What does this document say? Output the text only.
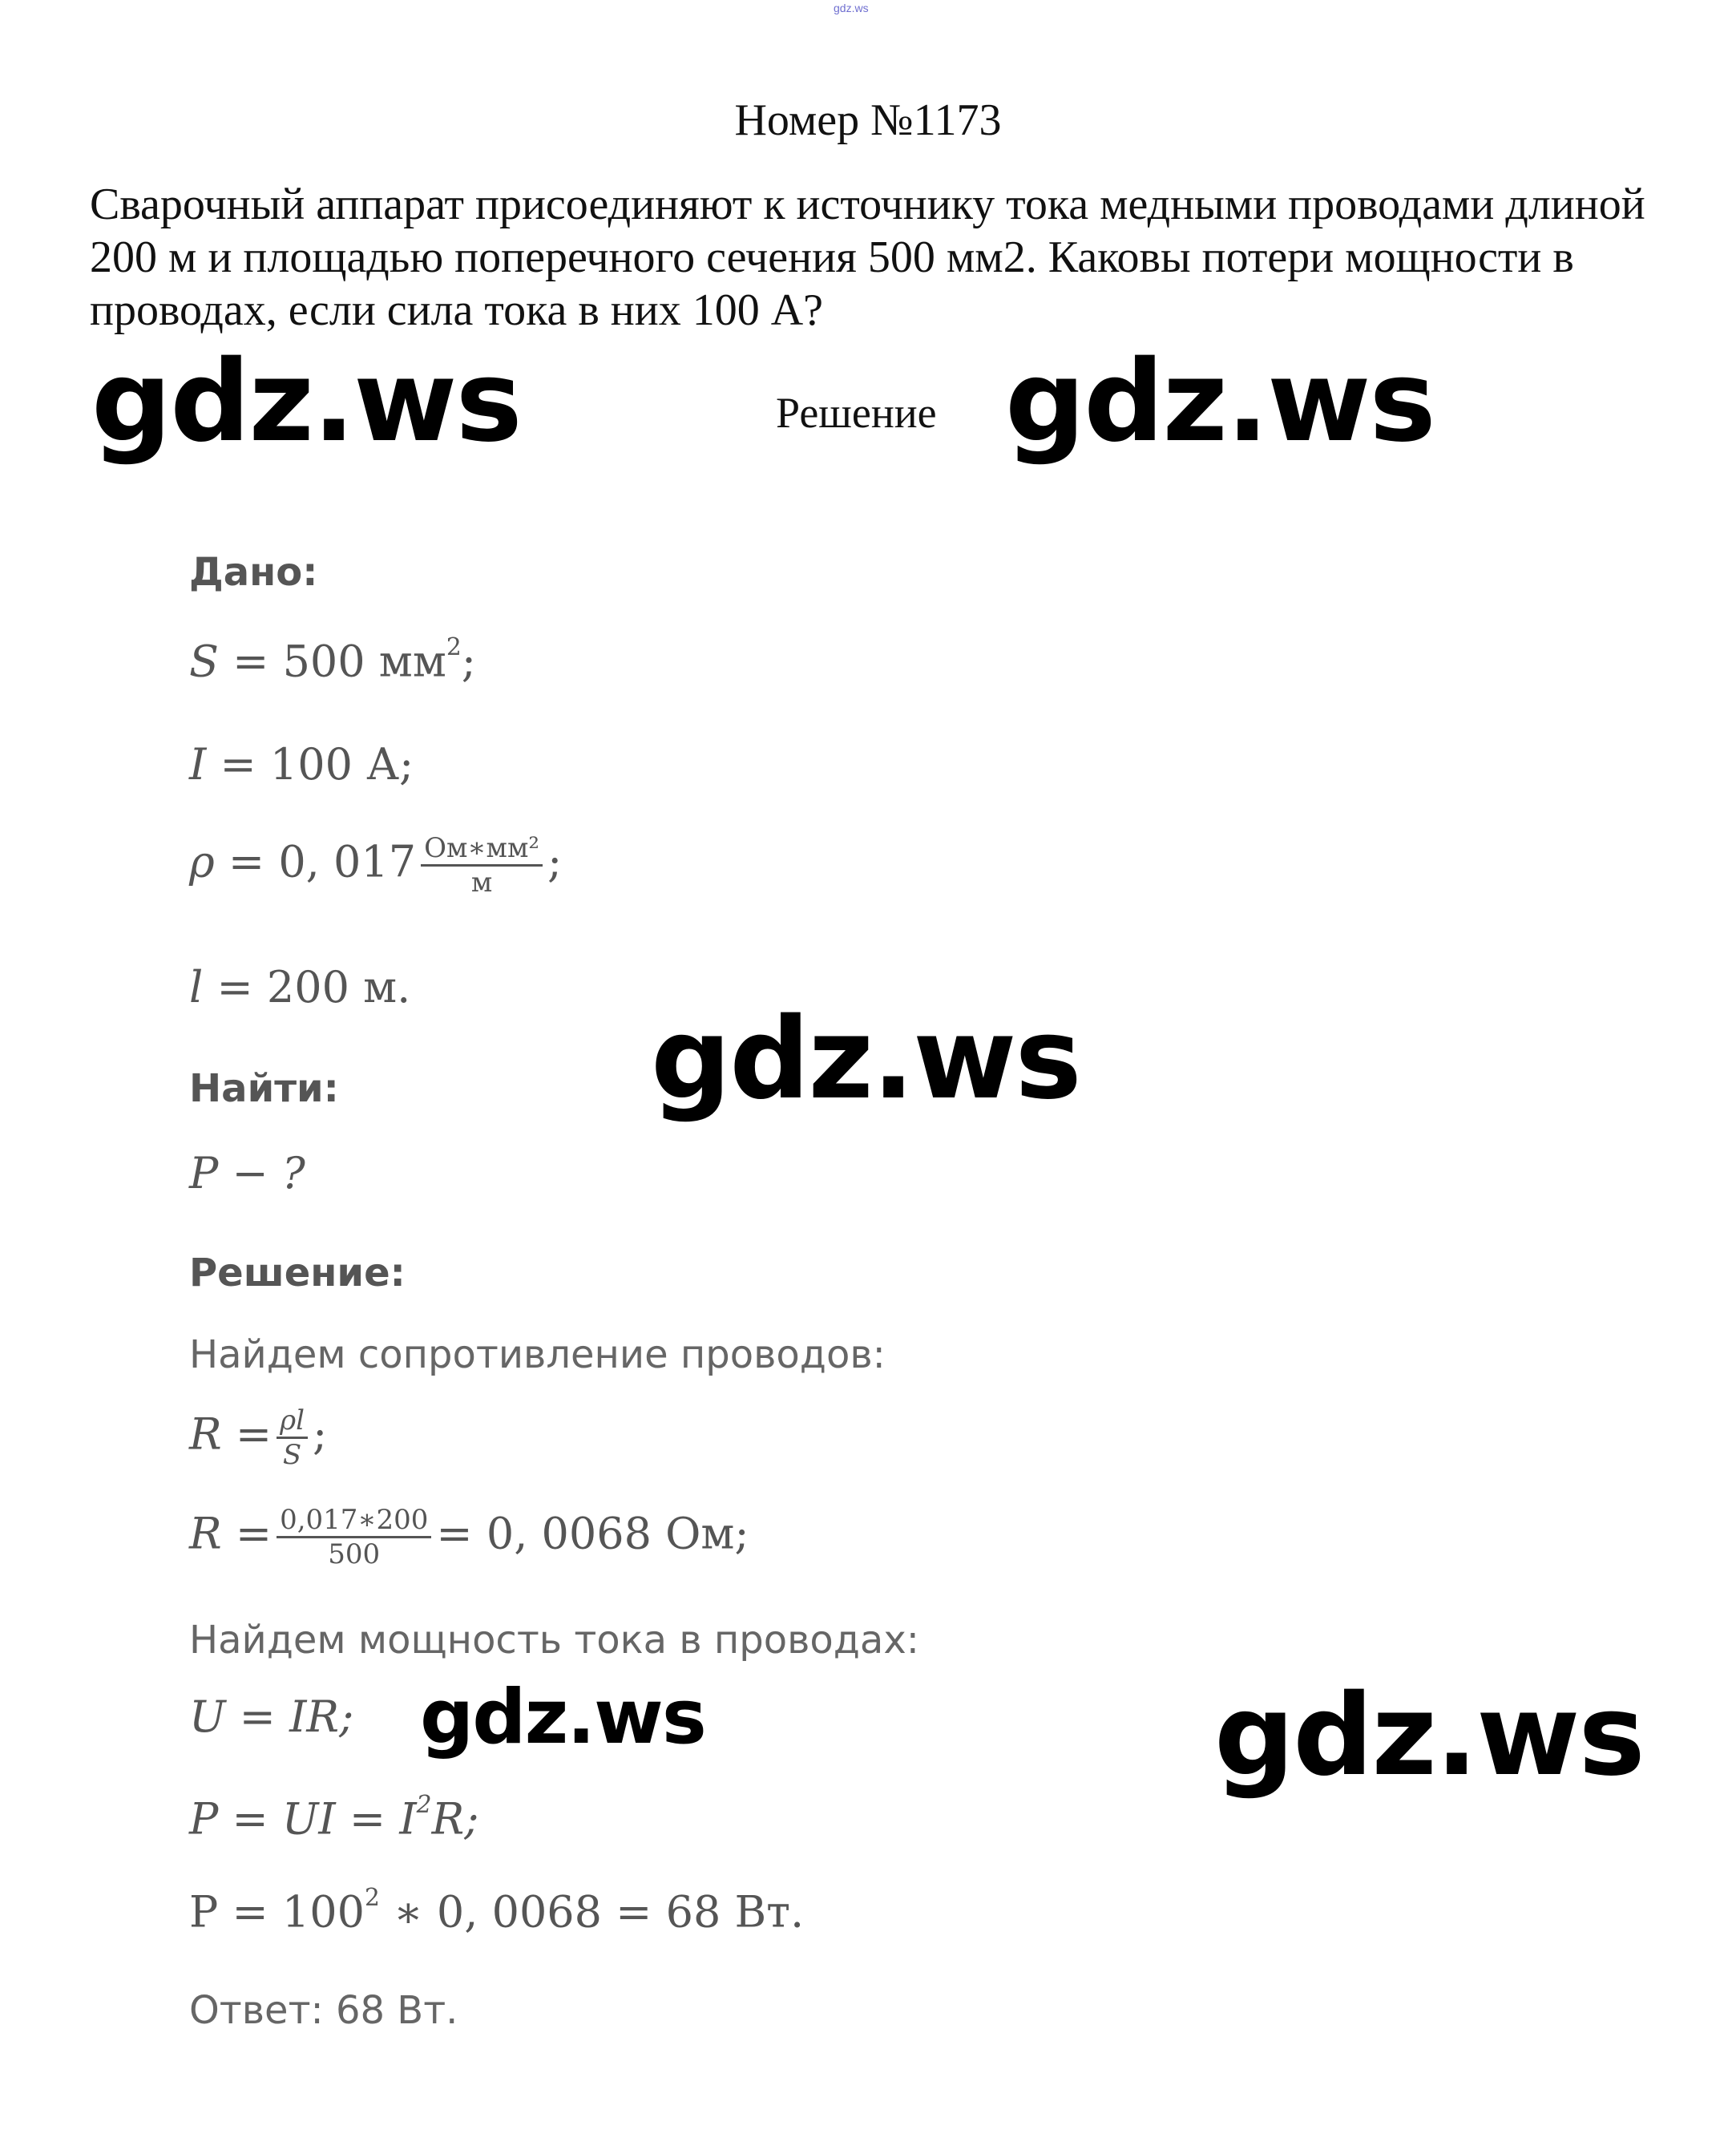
gdz.ws
Номер №1173
Сварочный аппарат присоединяют к источнику тока медными проводами длиной 200 м и площадью поперечного сечения 500 мм2. Каковы потери мощности в проводах, если сила тока в них 100 А?
Решение
gdz.ws	gdz.ws
gdz.ws
gdz.ws	gdz.ws
Дано:
S = 500 $мм^2$;
I = 100 А;
ρ = 0, $017 \frac{\text{Ом∗мм²}}{м}$ ;
l = 200 м.
Найти:
P − ?
Решение:
Найдем сопротивление проводов:
$R = \frac{\rho l}{S}$ ;
$R = \frac{0,017∗200}{500} = 0$, 0068 Ом;
Найдем мощность тока в проводах:
U = IR;
P = UI = $I^2R$;
$P = 100^2$ ∗ 0, 0068 = 68 Вт.
Ответ: 68 Вт.
